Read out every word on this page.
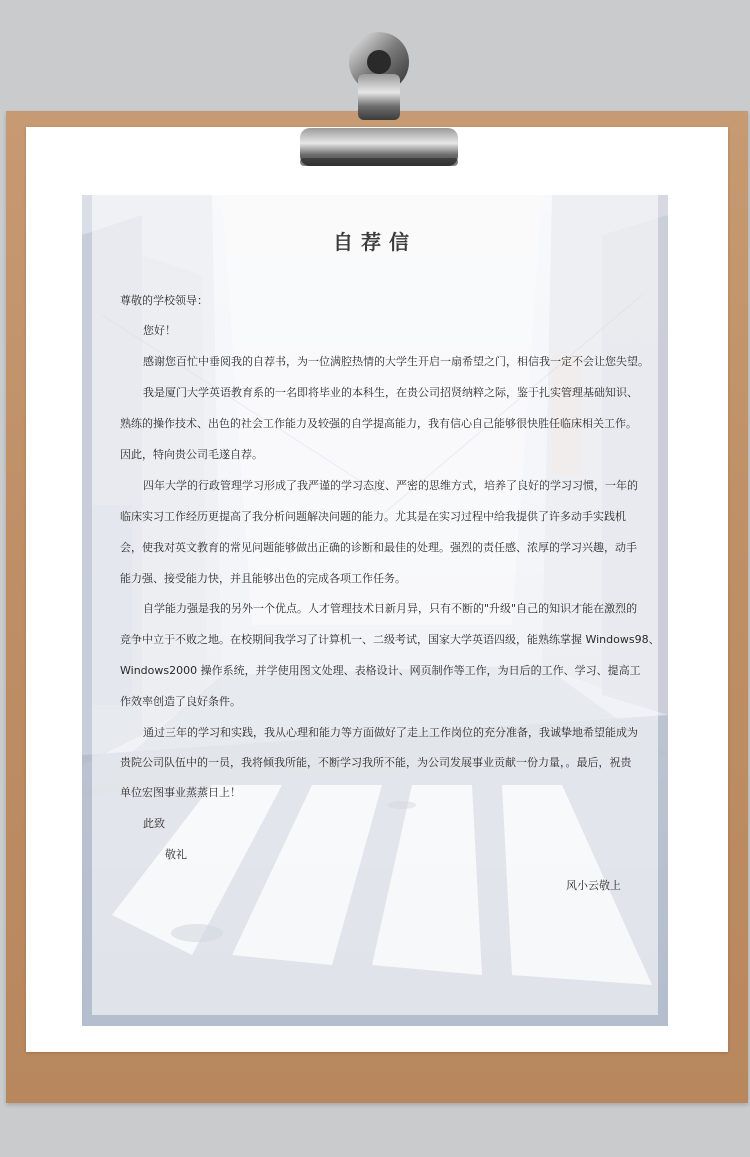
自荐信
尊敬的学校领导：
您好！
感谢您百忙中垂阅我的自荐书，为一位满腔热情的大学生开启一扇希望之门，相信我一定不会让您失望。
我是厦门大学英语教育系的一名即将毕业的本科生，在贵公司招贤纳粹之际，鉴于扎实管理基础知识、
熟练的操作技术、出色的社会工作能力及较强的自学提高能力，我有信心自己能够很快胜任临床相关工作。
因此，特向贵公司毛遂自荐。
四年大学的行政管理学习形成了我严谨的学习态度、严密的思维方式，培养了良好的学习习惯，一年的
临床实习工作经历更提高了我分析问题解决问题的能力。尤其是在实习过程中给我提供了许多动手实践机
会，使我对英文教育的常见问题能够做出正确的诊断和最佳的处理。强烈的责任感、浓厚的学习兴趣，动手
能力强、接受能力快，并且能够出色的完成各项工作任务。
自学能力强是我的另外一个优点。人才管理技术日新月异，只有不断的"升级"自己的知识才能在激烈的
竞争中立于不败之地。在校期间我学习了计算机一、二级考试，国家大学英语四级，能熟练掌握 Windows98、
Windows2000 操作系统，并学使用图文处理、表格设计、网页制作等工作，为日后的工作、学习、提高工
作效率创造了良好条件。
通过三年的学习和实践，我从心理和能力等方面做好了走上工作岗位的充分准备，我诚挚地希望能成为
贵院公司队伍中的一员，我将倾我所能，不断学习我所不能，为公司发展事业贡献一份力量，。最后，祝贵
单位宏图事业蒸蒸日上！
此致
敬礼
风小云敬上
